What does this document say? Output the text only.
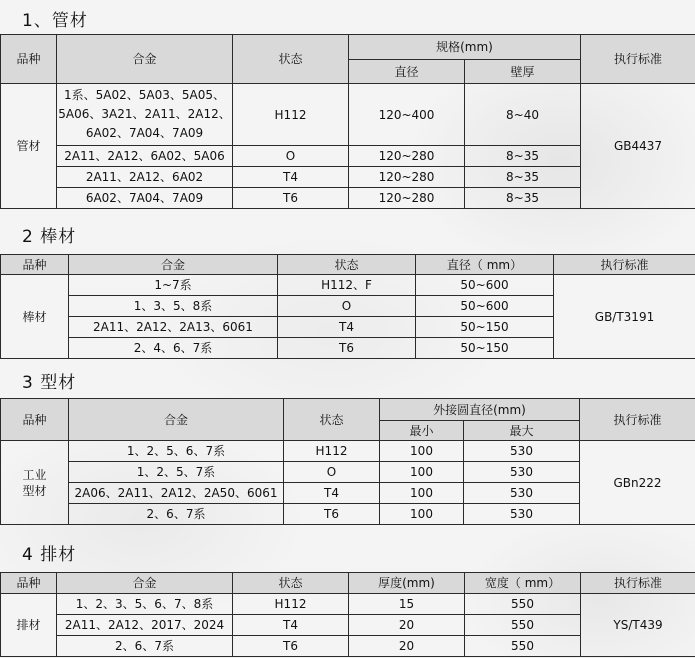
1、管材
品种	合金	状态	规格(mm)		执行标准
			直径	壁厚	
管材	1系、5A02、5A03、5A05、
5A06、3A21、2A11、2A12、
6A02、7A04、7A09	H112	120~400	8~40	GB4437
	2A11、2A12、6A02、5A06	O	120~280	8~35	
	2A11、2A12、6A02	T4	120~280	8~35	
	6A02、7A04、7A09	T6	120~280	8~35	
2 棒材
品种	合金	状态	直径（ mm）	执行标准
棒材	1~7系	H112、F	50~600	GB/T3191
	1、3、5、8系	O	50~600	
	2A11、2A12、2A13、6061	T4	50~150	
	2、4、6、7系	T6	50~150	
3 型材
品种	合金	状态	外接圆直径(mm)		执行标准
			最小	最大	

工业
型材	1、2、5、6、7系	H112	100	530	GBn222
	1、2、5、7系	O	100	530	
	2A06、2A11、2A12、2A50、6061	T4	100	530	
	2、6、7系	T6	100	530	
4 排材
品种	合金	状态	厚度(mm)	宽度（ mm）	执行标准
排材	1、2、3、5、6、7、8系	H112	15	550	YS/T439
	2A11、2A12、2017、2024	T4	20	550	
	2、6、7系	T6	20	550	
